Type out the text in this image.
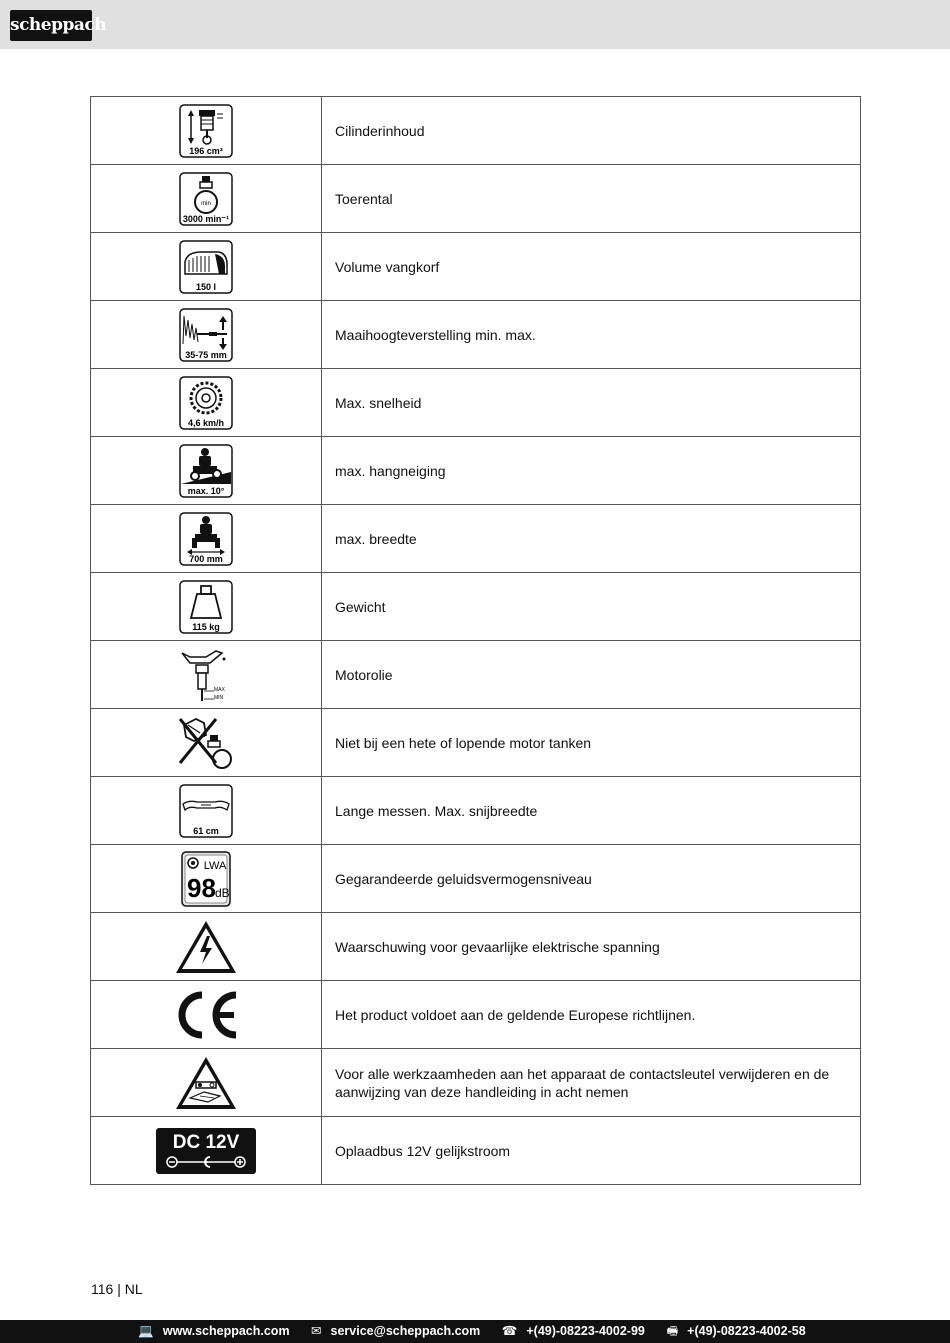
scheppach
196 cm³	Cilinderinhoud

min
3000 min⁻¹	Toerental

150 l	Volume vangkorf

35-75 mm	Maaihoogteverstelling min. max.

4,6 km/h	Max. snelheid

max. 10°	max. hangneiging

700 mm	max. breedte

115 kg	Gewicht

MAX
MIN	Motorolie
	Niet bij een hete of lopende motor tanken

61 cm	Lange messen. Max. snijbreedte

LWA
98 dB	Gegarandeerde geluidsvermogensniveau
	Waarschuwing voor gevaarlijke elektrische spanning
	Het product voldoet aan de geldende Europese richtlijnen.
	Voor alle werkzaamheden aan het apparaat de contactsleutel verwijderen en de aanwijzing van deze handleiding in acht nemen

DC 12V	Oplaadbus 12V gelijkstroom
116 | NL
💻 www.scheppach.com ✉ service@scheppach.com ☎ +(49)-08223-4002-99 🖷 +(49)-08223-4002-58
